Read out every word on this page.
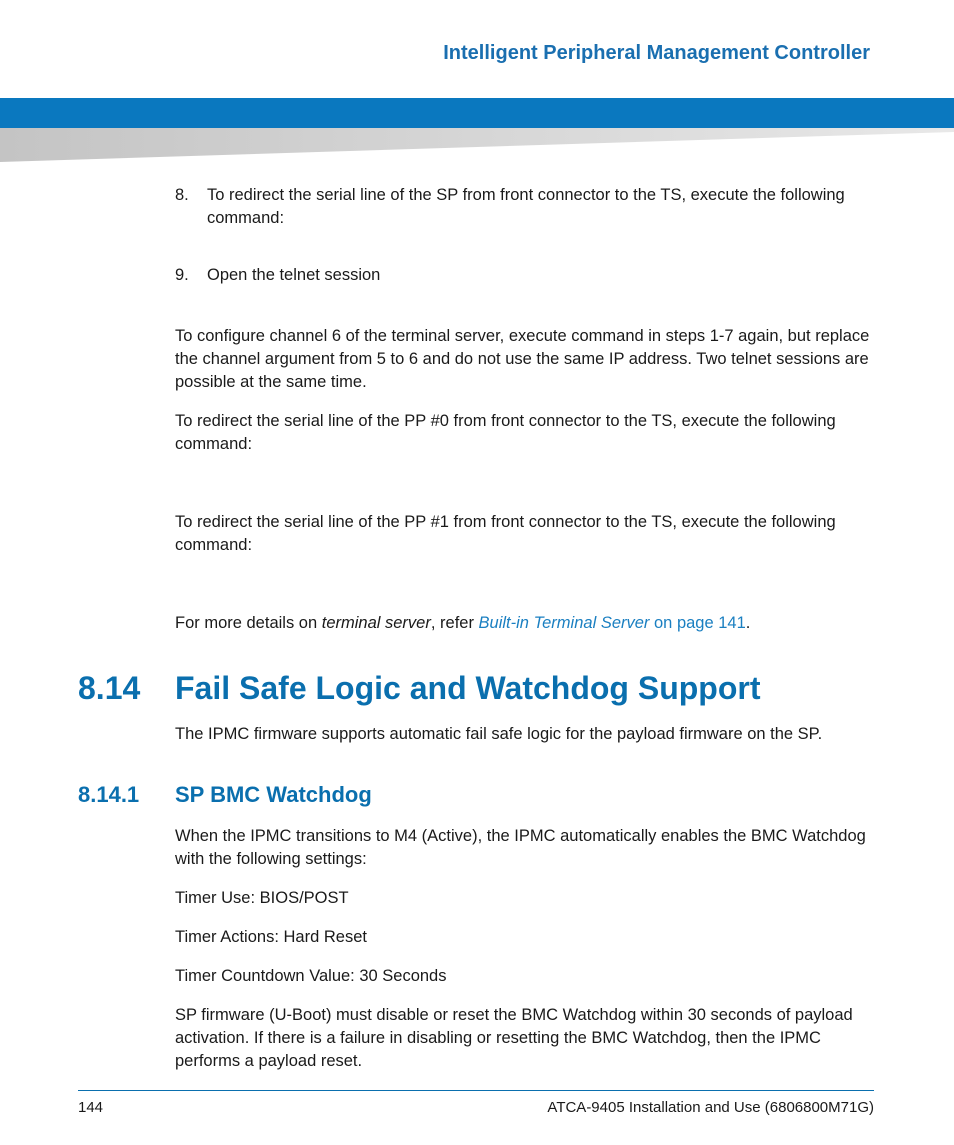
Intelligent Peripheral Management Controller
8.	To redirect the serial line of the SP from front connector to the TS, execute the following command:
9.	Open the telnet session
To configure channel 6 of the terminal server, execute command in steps 1-7 again, but replace the channel argument from 5 to 6 and do not use the same IP address. Two telnet sessions are possible at the same time.
To redirect the serial line of the PP #0 from front connector to the TS, execute the following command:
To redirect the serial line of the PP #1 from front connector to the TS, execute the following command:
For more details on terminal server, refer Built-in Terminal Server on page 141.
8.14	Fail Safe Logic and Watchdog Support
The IPMC firmware supports automatic fail safe logic for the payload firmware on the SP.
8.14.1	SP BMC Watchdog
When the IPMC transitions to M4 (Active), the IPMC automatically enables the BMC Watchdog with the following settings:
Timer Use: BIOS/POST
Timer Actions: Hard Reset
Timer Countdown Value: 30 Seconds
SP firmware (U-Boot) must disable or reset the BMC Watchdog within 30 seconds of payload activation. If there is a failure in disabling or resetting the BMC Watchdog, then the IPMC performs a payload reset.
144	ATCA-9405 Installation and Use (6806800M71G)
